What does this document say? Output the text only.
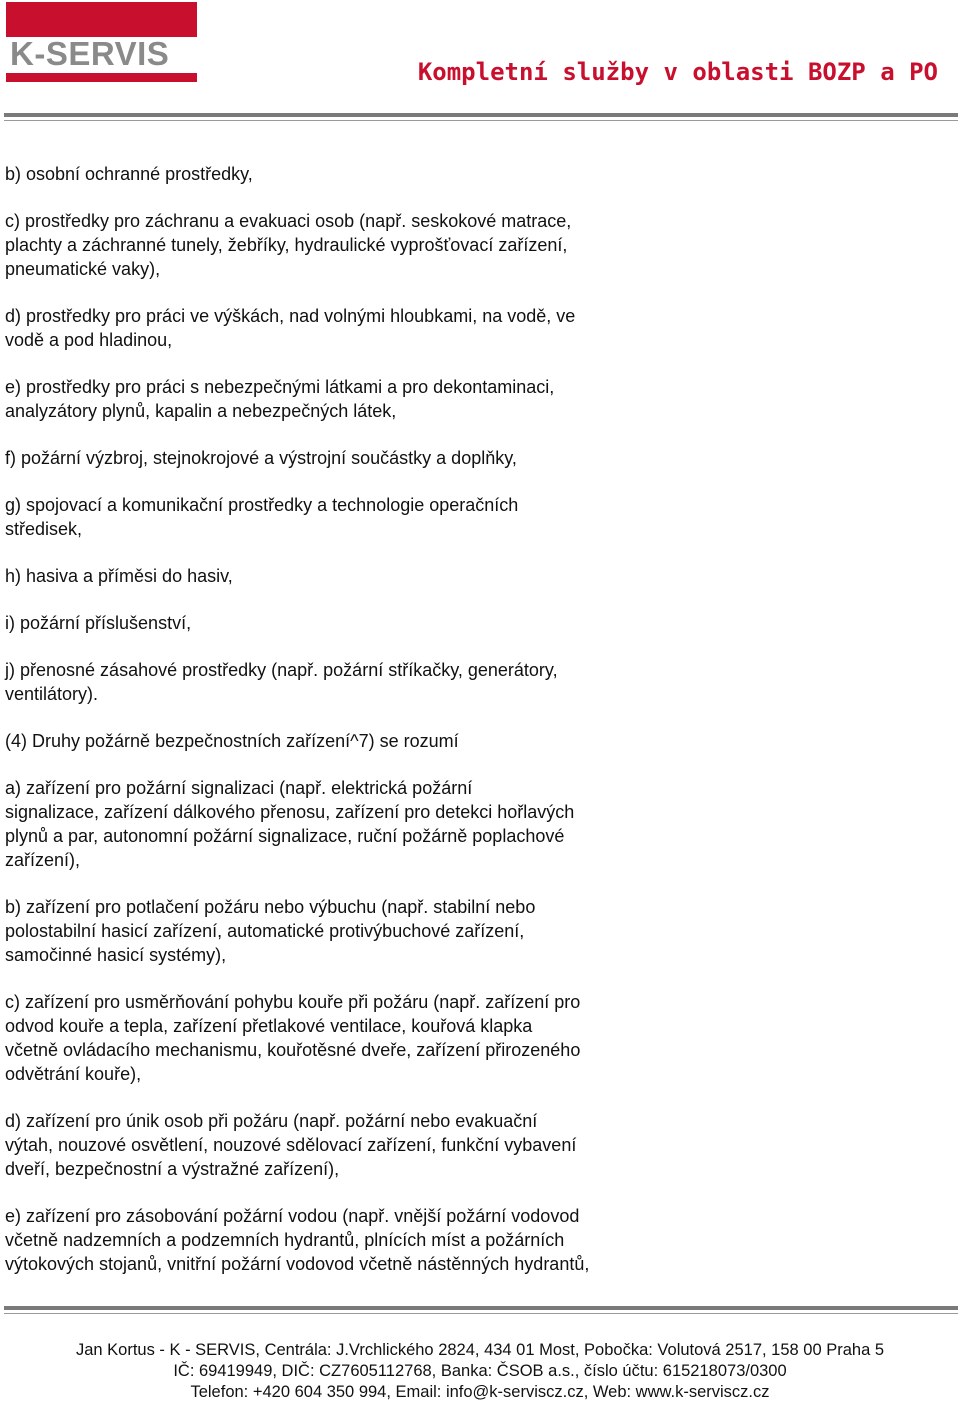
K-SERVIS	Kompletní služby v oblasti BOZP a PO

b) osobní ochranné prostředky,

c) prostředky pro záchranu a evakuaci osob (např. seskokové matrace,
plachty a záchranné tunely, žebříky, hydraulické vyprošťovací zařízení,
pneumatické vaky),

d) prostředky pro práci ve výškách, nad volnými hloubkami, na vodě, ve
vodě a pod hladinou,

e) prostředky pro práci s nebezpečnými látkami a pro dekontaminaci,
analyzátory plynů, kapalin a nebezpečných látek,

f) požární výzbroj, stejnokrojové a výstrojní součástky a doplňky,

g) spojovací a komunikační prostředky a technologie operačních
středisek,

h) hasiva a příměsi do hasiv,

i) požární příslušenství,

j) přenosné zásahové prostředky (např. požární stříkačky, generátory,
ventilátory).

(4) Druhy požárně bezpečnostních zařízení^7) se rozumí

a) zařízení pro požární signalizaci (např. elektrická požární
signalizace, zařízení dálkového přenosu, zařízení pro detekci hořlavých
plynů a par, autonomní požární signalizace, ruční požárně poplachové
zařízení),

b) zařízení pro potlačení požáru nebo výbuchu (např. stabilní nebo
polostabilní hasicí zařízení, automatické protivýbuchové zařízení,
samočinné hasicí systémy),

c) zařízení pro usměrňování pohybu kouře při požáru (např. zařízení pro
odvod kouře a tepla, zařízení přetlakové ventilace, kouřová klapka
včetně ovládacího mechanismu, kouřotěsné dveře, zařízení přirozeného
odvětrání kouře),

d) zařízení pro únik osob při požáru (např. požární nebo evakuační
výtah, nouzové osvětlení, nouzové sdělovací zařízení, funkční vybavení
dveří, bezpečnostní a výstražné zařízení),

e) zařízení pro zásobování požární vodou (např. vnější požární vodovod
včetně nadzemních a podzemních hydrantů, plnících míst a požárních
výtokových stojanů, vnitřní požární vodovod včetně nástěnných hydrantů,

Jan Kortus - K - SERVIS, Centrála: J.Vrchlického 2824, 434 01 Most, Pobočka: Volutová 2517, 158 00 Praha 5
IČ: 69419949, DIČ: CZ7605112768, Banka: ČSOB a.s., číslo účtu: 615218073/0300
Telefon: +420 604 350 994, Email: info@k-serviscz.cz, Web: www.k-serviscz.cz
